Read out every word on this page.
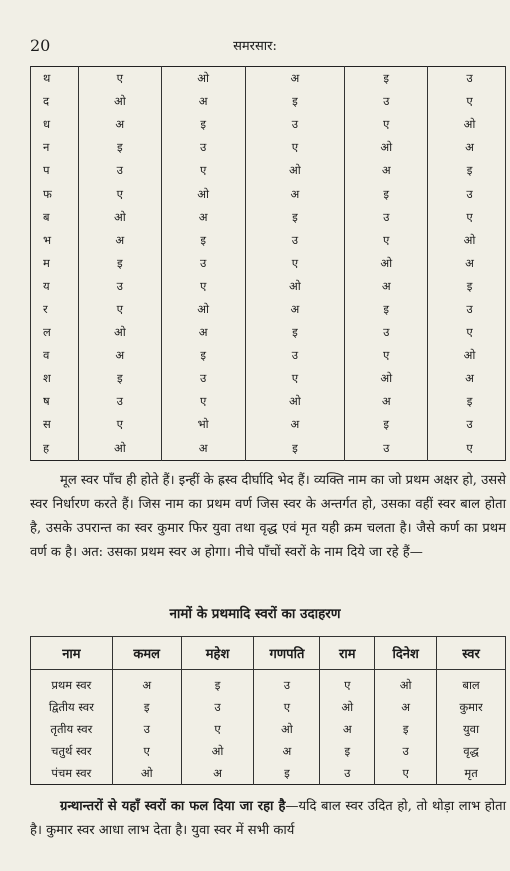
20	समरसार:
थ	ए	ओ	अ	इ	उ
द	ओ	अ	इ	उ	ए
ध	अ	इ	उ	ए	ओ
न	इ	उ	ए	ओ	अ
प	उ	ए	ओ	अ	इ
फ	ए	ओ	अ	इ	उ
ब	ओ	अ	इ	उ	ए
भ	अ	इ	उ	ए	ओ
म	इ	उ	ए	ओ	अ
य	उ	ए	ओ	अ	इ
र	ए	ओ	अ	इ	उ
ल	ओ	अ	इ	उ	ए
व	अ	इ	उ	ए	ओ
श	इ	उ	ए	ओ	अ
ष	उ	ए	ओ	अ	इ
स	ए	भो	अ	इ	उ
ह	ओ	अ	इ	उ	ए

मूल स्वर पाँच ही होते हैं। इन्हीं के ह्रस्व दीर्घादि भेद हैं। व्यक्ति नाम का जो प्रथम अक्षर हो, उससे स्वर निर्धारण करते हैं। जिस नाम का प्रथम वर्ण जिस स्वर के अन्तर्गत हो, उसका वहीं स्वर बाल होता है, उसके उपरान्त का स्वर कुमार फिर युवा तथा वृद्ध एवं मृत यही क्रम चलता है। जैसे कर्ण का प्रथम वर्ण क है। अत: उसका प्रथम स्वर अ होगा। नीचे पाँचों स्वरों के नाम दिये जा रहे हैं—

नामों के प्रथमादि स्वरों का उदाहरण
नाम	कमल	महेश	गणपति	राम	दिनेश	स्वर
प्रथम स्वर	अ	इ	उ	ए	ओ	बाल
द्वितीय स्वर	इ	उ	ए	ओ	अ	कुमार
तृतीय स्वर	उ	ए	ओ	अ	इ	युवा
चतुर्थ स्वर	ए	ओ	अ	इ	उ	वृद्ध
पंचम स्वर	ओ	अ	इ	उ	ए	मृत

ग्रन्थान्तरों से यहाँ स्वरों का फल दिया जा रहा है—यदि बाल स्वर उदित हो, तो थोड़ा लाभ होता है। कुमार स्वर आधा लाभ देता है। युवा स्वर में सभी कार्य
